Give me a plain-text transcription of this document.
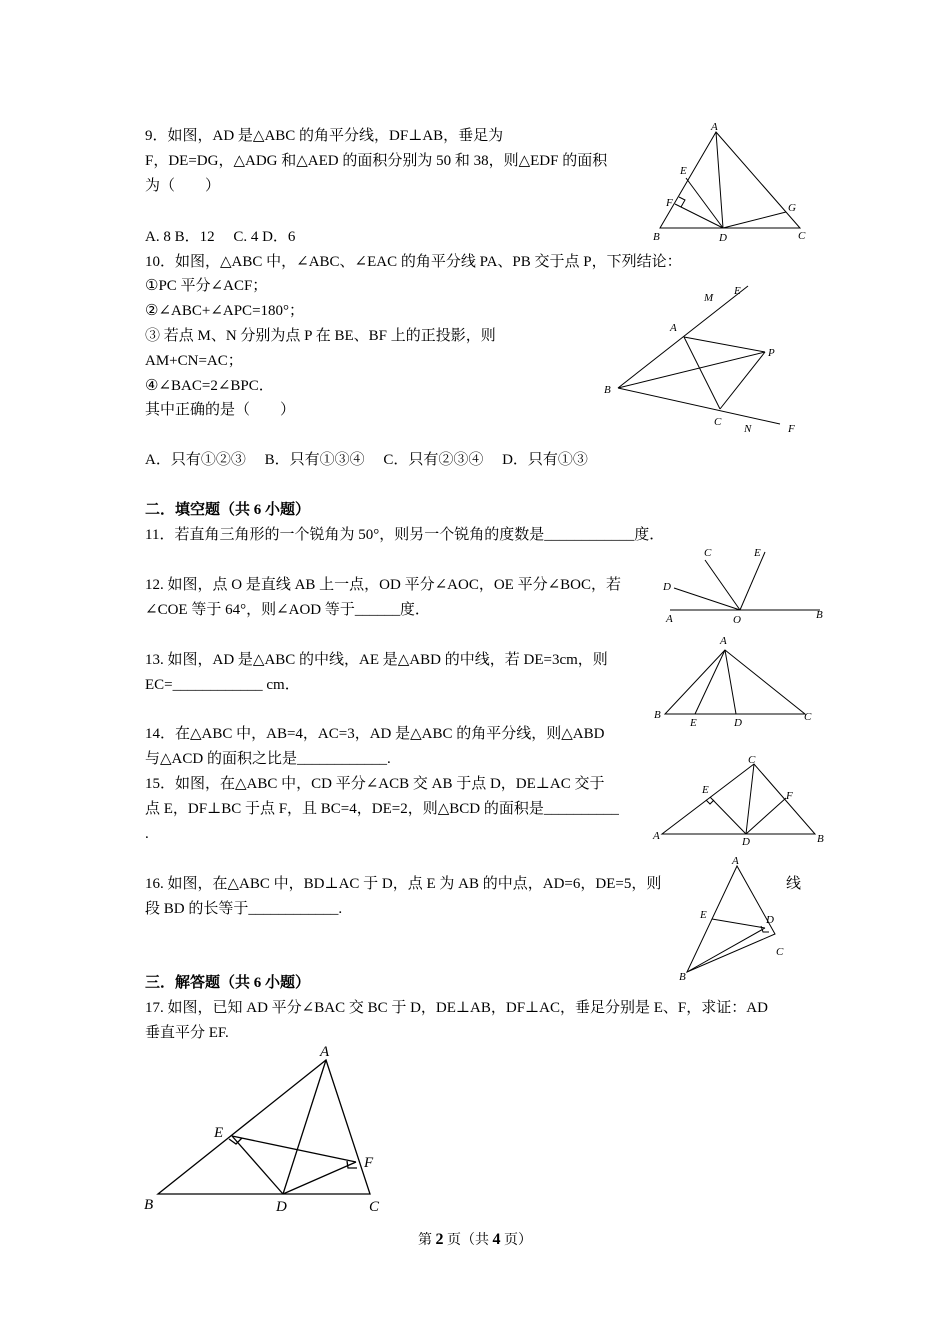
9．如图，AD 是△ABC 的角平分线，DF⊥AB，垂足为
F，DE=DG，△ADG 和△AED 的面积分别为 50 和 38，则△EDF 的面积
为（　　）
A. 8 B．12　 C. 4 D．6
A
E
F
B	D
G
C
10．如图，△ABC 中，∠ABC、∠EAC 的角平分线 PA、PB 交于点 P，下列结论：
①PC 平分∠ACF；
②∠ABC+∠APC=180°；
③ 若点 M、N 分别为点 P 在 BE、BF 上的正投影，则
AM+CN=AC；
④∠BAC=2∠BPC．
其中正确的是（　　）
A．只有①②③　 B．只有①③④　 C．只有②③④　 D．只有①③
M
E
A
P
B
C
N	F
二．填空题（共 6 小题）
11．若直角三角形的一个锐角为 50°，则另一个锐角的度数是____________度．
12. 如图，点 O 是直线 AB 上一点，OD 平分∠AOC，OE 平分∠BOC，若
∠COE 等于 64°，则∠AOD 等于______度．
C	E
D
A	O	B
13. 如图，AD 是△ABC 的中线，AE 是△ABD 的中线，若 DE=3cm，则
EC=____________ cm．
A
B
E	D	C
14．在△ABC 中，AB=4，AC=3，AD 是△ABC 的角平分线，则△ABD
与△ACD 的面积之比是____________.
15．如图，在△ABC 中，CD 平分∠ACB 交 AB 于点 D，DE⊥AC 交于
点 E，DF⊥BC 于点 F，且 BC=4，DE=2，则△BCD 的面积是__________
.
C
E	F
A	D	B
16. 如图，在△ABC 中，BD⊥AC 于 D，点 E 为 AB 的中点，AD=6，DE=5，则	线
段 BD 的长等于____________.
A
E	D
C
B
三．解答题（共 6 小题）
17. 如图，已知 AD 平分∠BAC 交 BC 于 D，DE⊥AB，DF⊥AC，垂足分别是 E、F，求证：AD
垂直平分 EF.
A
E
F
B	D	C
第 2 页（共 4 页）
